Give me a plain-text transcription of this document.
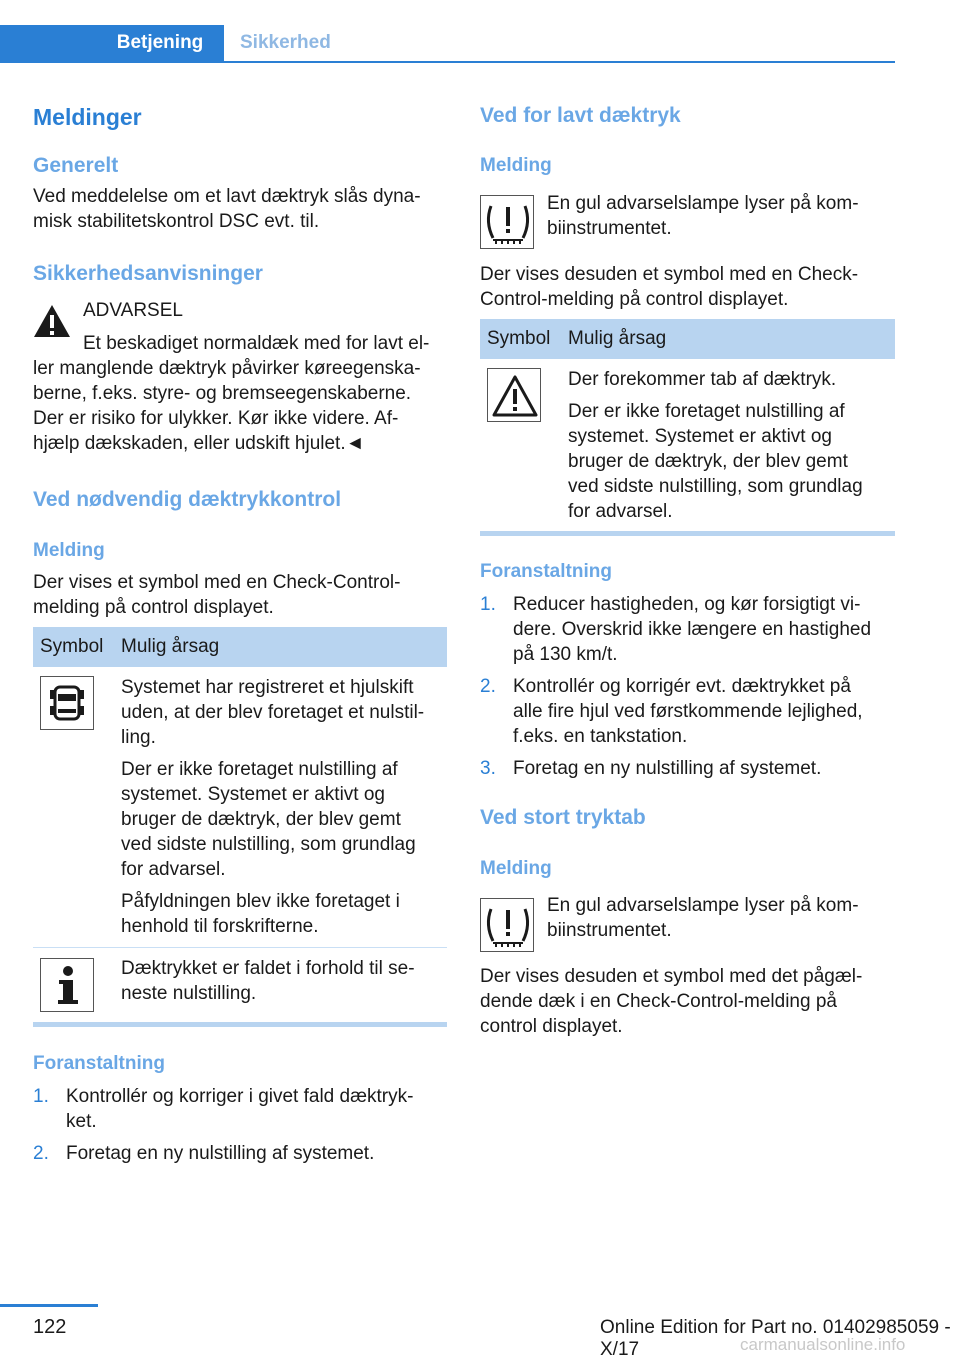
Betjening	Sikkerhed
Meldinger
Generelt
Ved meddelelse om et lavt dæktryk slås dyna-
misk stabilitetskontrol DSC evt. til.
Sikkerhedsanvisninger
ADVARSEL
Et beskadiget normaldæk med for lavt el-
ler manglende dæktryk påvirker køreegenska-
berne, f.eks. styre- og bremseegenskaberne.
Der er risiko for ulykker. Kør ikke videre. Af-
hjælp dækskaden, eller udskift hjulet.◄
Ved nødvendig dæktrykkontrol
Melding
Der vises et symbol med en Check-Control-
melding på control displayet.
Symbol Mulig årsag
Systemet har registreret et hjulskift
uden, at der blev foretaget et nulstil-
ling.
Der er ikke foretaget nulstilling af
systemet. Systemet er aktivt og
bruger de dæktryk, der blev gemt
ved sidste nulstilling, som grundlag
for advarsel.
Påfyldningen blev ikke foretaget i
henhold til forskrifterne.
Dæktrykket er faldet i forhold til se-
neste nulstilling.
Foranstaltning
1. Kontrollér og korriger i givet fald dæktryk-
ket.
2. Foretag en ny nulstilling af systemet.
Ved for lavt dæktryk
Melding
En gul advarselslampe lyser på kom-
biinstrumentet.
Der vises desuden et symbol med en Check-
Control-melding på control displayet.
Symbol Mulig årsag
Der forekommer tab af dæktryk.
Der er ikke foretaget nulstilling af
systemet. Systemet er aktivt og
bruger de dæktryk, der blev gemt
ved sidste nulstilling, som grundlag
for advarsel.
Foranstaltning
1. Reducer hastigheden, og kør forsigtigt vi-
dere. Overskrid ikke længere en hastighed
på 130 km/t.
2. Kontrollér og korrigér evt. dæktrykket på
alle fire hjul ved førstkommende lejlighed,
f.eks. en tankstation.
3. Foretag en ny nulstilling af systemet.
Ved stort tryktab
Melding
En gul advarselslampe lyser på kom-
biinstrumentet.
Der vises desuden et symbol med det pågæl-
dende dæk i en Check-Control-melding på
control displayet.
122	Online Edition for Part no. 01402985059 - X/17	carmanualsonline.info
